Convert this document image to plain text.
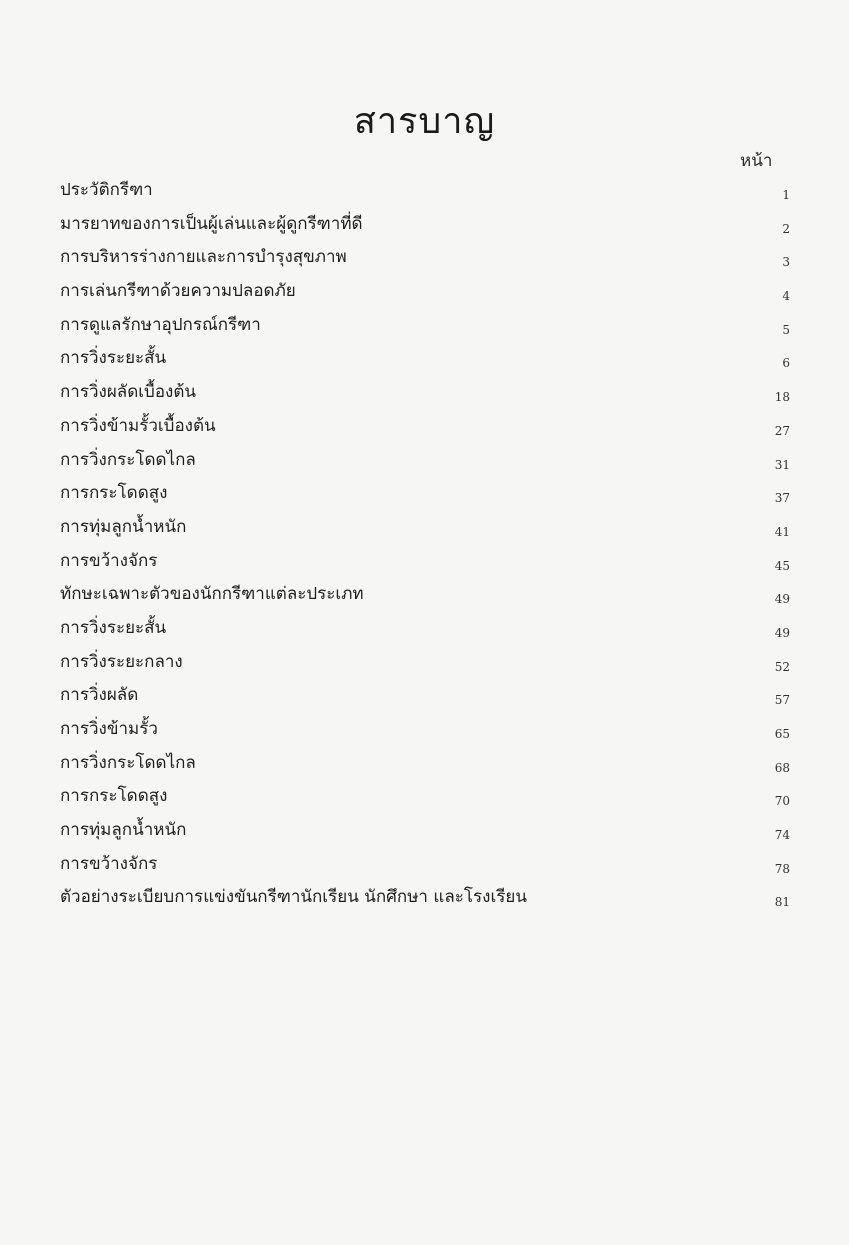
สารบาญ
หน้า
ประวัติกรีฑา	1
มารยาทของการเป็นผู้เล่นและผู้ดูกรีฑาที่ดี	2
การบริหารร่างกายและการบำรุงสุขภาพ	3
การเล่นกรีฑาด้วยความปลอดภัย	4
การดูแลรักษาอุปกรณ์กรีฑา	5
การวิ่งระยะสั้น	6
การวิ่งผลัดเบื้องต้น	18
การวิ่งข้ามรั้วเบื้องต้น	27
การวิ่งกระโดดไกล	31
การกระโดดสูง	37
การทุ่มลูกน้ำหนัก	41
การขว้างจักร	45
ทักษะเฉพาะตัวของนักกรีฑาแต่ละประเภท	49
การวิ่งระยะสั้น	49
การวิ่งระยะกลาง	52
การวิ่งผลัด	57
การวิ่งข้ามรั้ว	65
การวิ่งกระโดดไกล	68
การกระโดดสูง	70
การทุ่มลูกน้ำหนัก	74
การขว้างจักร	78
ตัวอย่างระเบียบการแข่งขันกรีฑานักเรียน นักศึกษา และโรงเรียน	81
